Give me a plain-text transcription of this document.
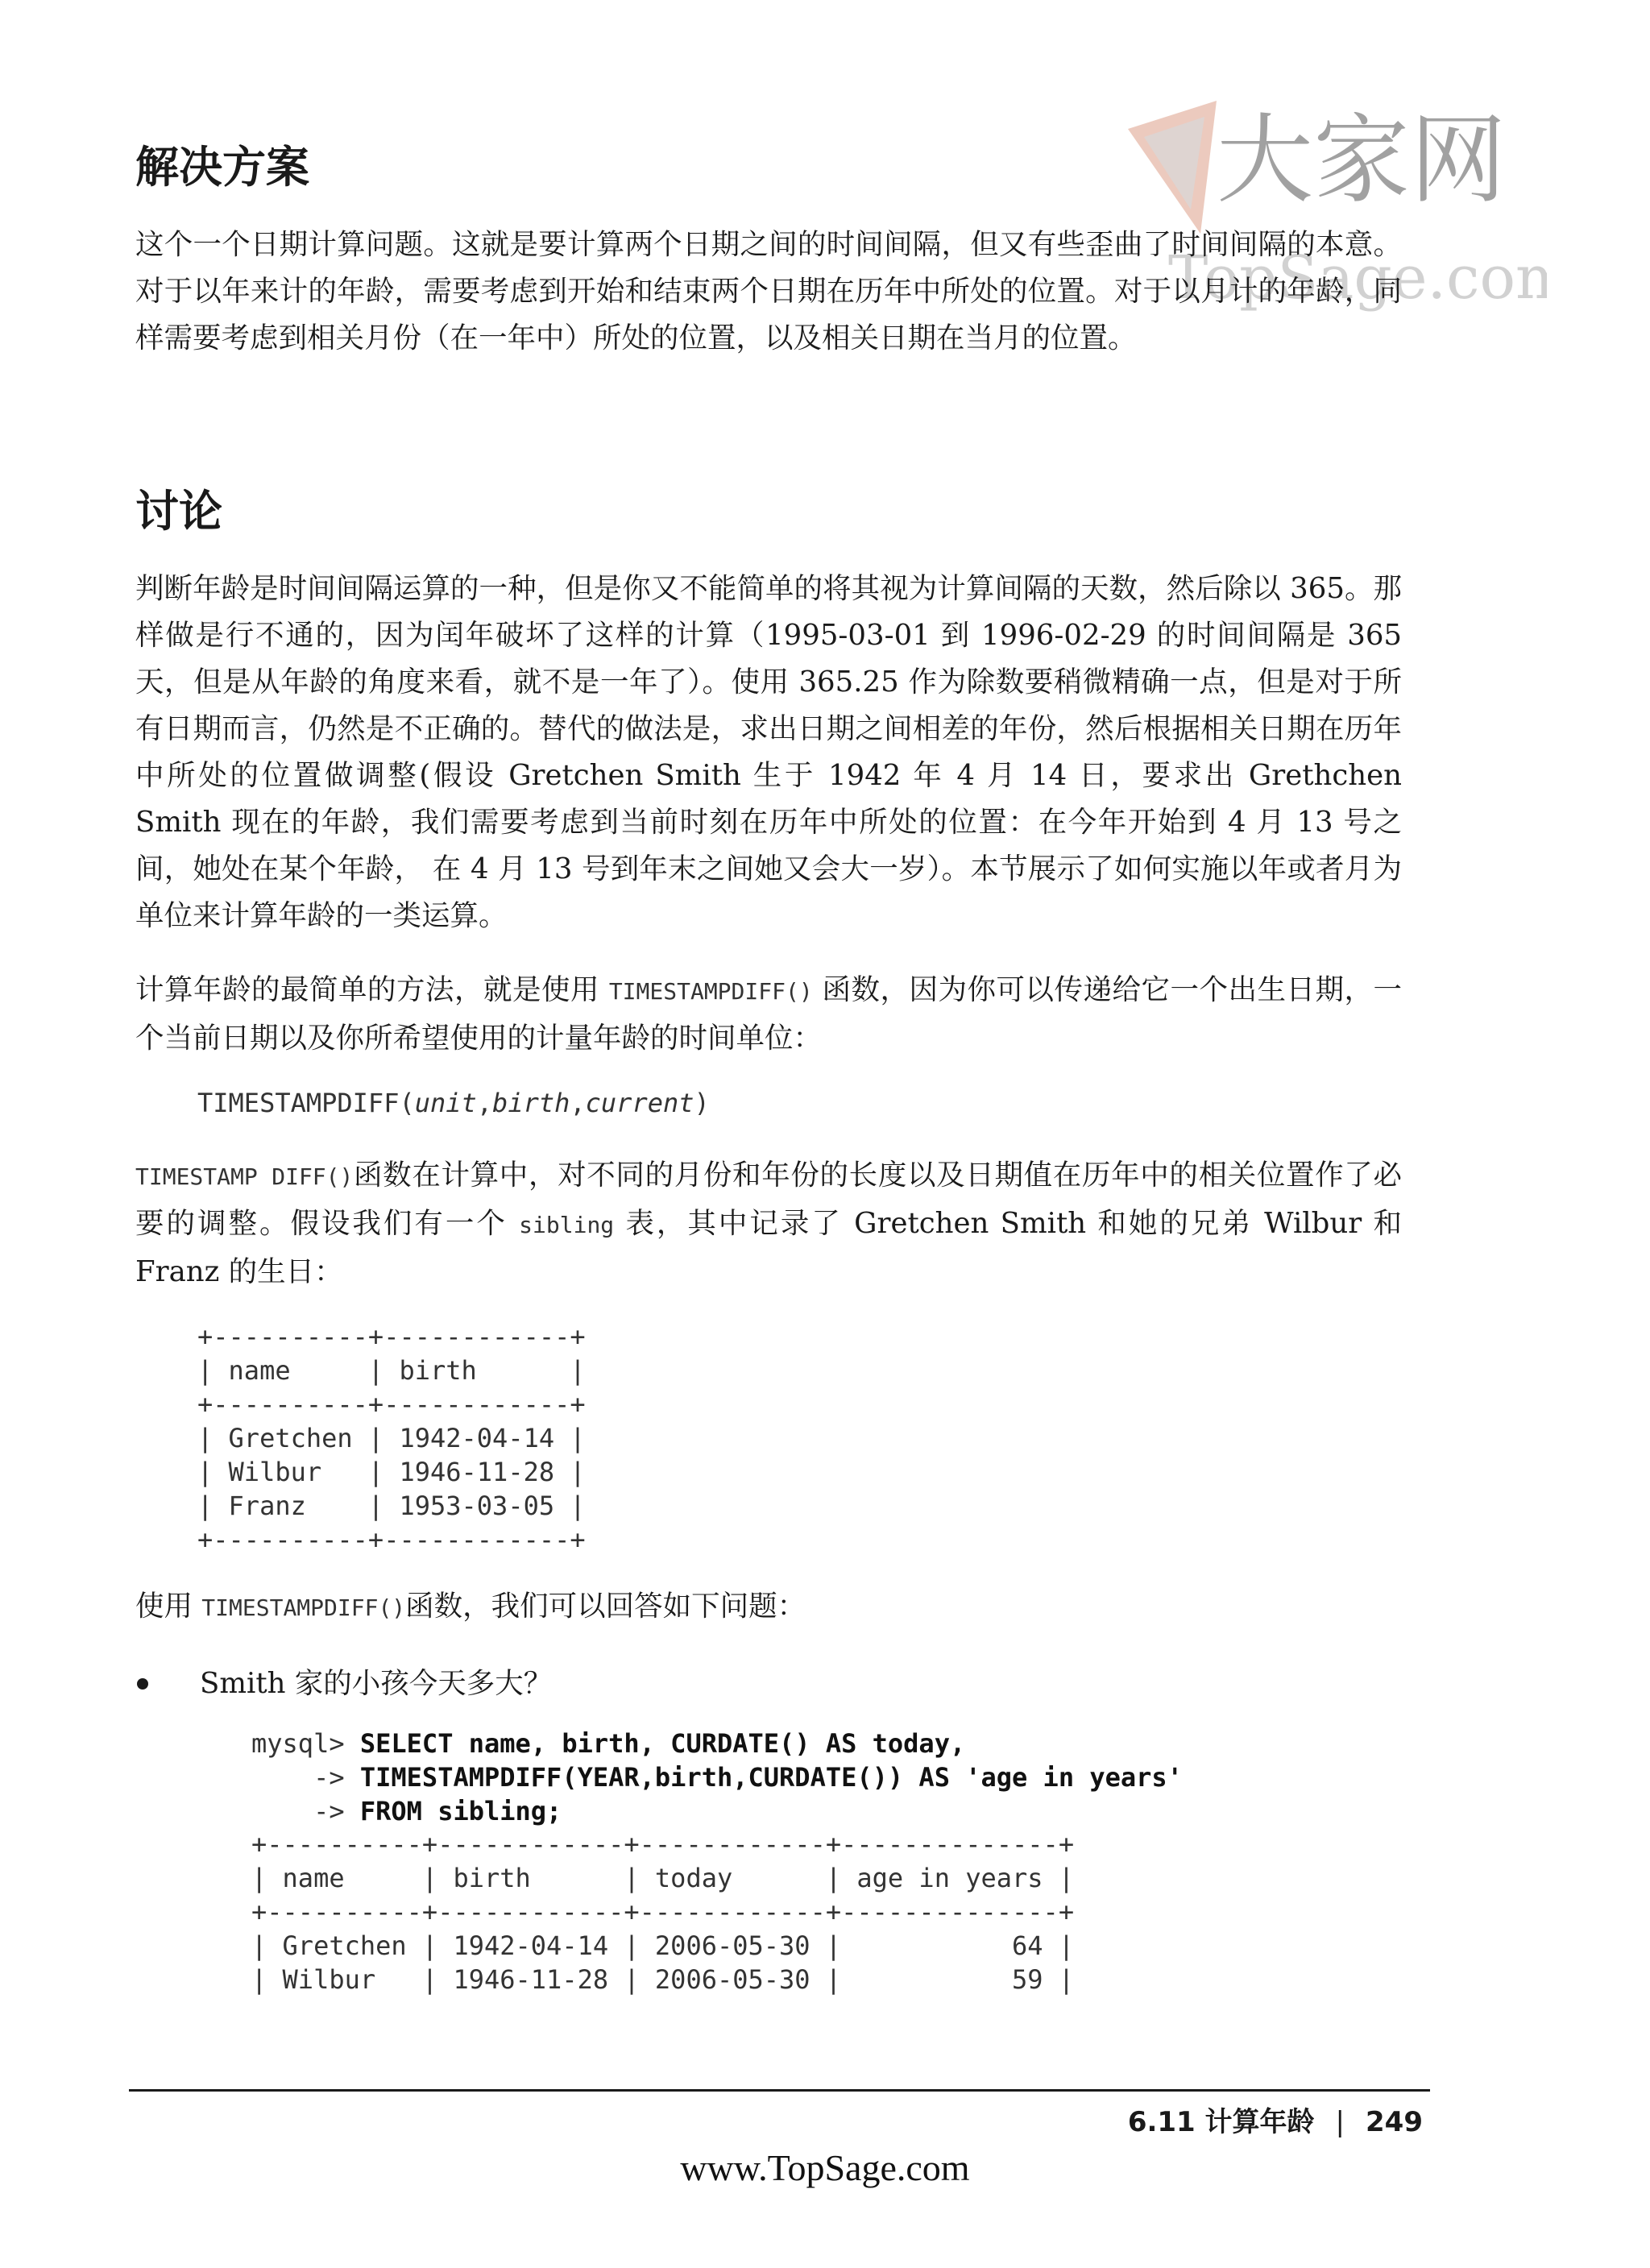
大家网
TopSage.com
解决方案

这个一个日期计算问题。这就是要计算两个日期之间的时间间隔，但又有些歪曲了时间间隔的本意。对于以年来计的年龄，需要考虑到开始和结束两个日期在历年中所处的位置。对于以月计的年龄，同样需要考虑到相关月份（在一年中）所处的位置，以及相关日期在当月的位置。

讨论

判断年龄是时间间隔运算的一种，但是你又不能简单的将其视为计算间隔的天数，然后除以 365。那样做是行不通的，因为闰年破坏了这样的计算（1995-03-01 到 1996-02-29 的时间间隔是 365 天，但是从年龄的角度来看，就不是一年了）。使用 365.25 作为除数要稍微精确一点，但是对于所有日期而言，仍然是不正确的。替代的做法是，求出日期之间相差的年份，然后根据相关日期在历年中所处的位置做调整(假设 Gretchen Smith 生于 1942 年 4 月 14 日，要求出 Grethchen Smith 现在的年龄，我们需要考虑到当前时刻在历年中所处的位置：在今年开始到 4 月 13 号之间，她处在某个年龄， 在 4 月 13 号到年末之间她又会大一岁）。本节展示了如何实施以年或者月为单位来计算年龄的一类运算。

计算年龄的最简单的方法，就是使用 TIMESTAMPDIFF() 函数，因为你可以传递给它一个出生日期，一个当前日期以及你所希望使用的计量年龄的时间单位：

TIMESTAMPDIFF(unit,birth,current)

TIMESTAMP DIFF()函数在计算中，对不同的月份和年份的长度以及日期值在历年中的相关位置作了必要的调整。假设我们有一个 sibling 表，其中记录了 Gretchen Smith 和她的兄弟 Wilbur 和 Franz 的生日：

+----------+------------+
| name     | birth      |
+----------+------------+
| Gretchen | 1942-04-14 |
| Wilbur   | 1946-11-28 |
| Franz    | 1953-03-05 |
+----------+------------+

使用 TIMESTAMPDIFF()函数，我们可以回答如下问题：

Smith 家的小孩今天多大？

mysql> SELECT name, birth, CURDATE() AS today,
-> TIMESTAMPDIFF(YEAR,birth,CURDATE()) AS 'age in years'
-> FROM sibling;
+----------+------------+------------+--------------+
| name     | birth      | today      | age in years |
+----------+------------+------------+--------------+
| Gretchen | 1942-04-14 | 2006-05-30 |           64 |
| Wilbur   | 1946-11-28 | 2006-05-30 |           59 |
6.11 计算年龄 | 249
www.TopSage.com
